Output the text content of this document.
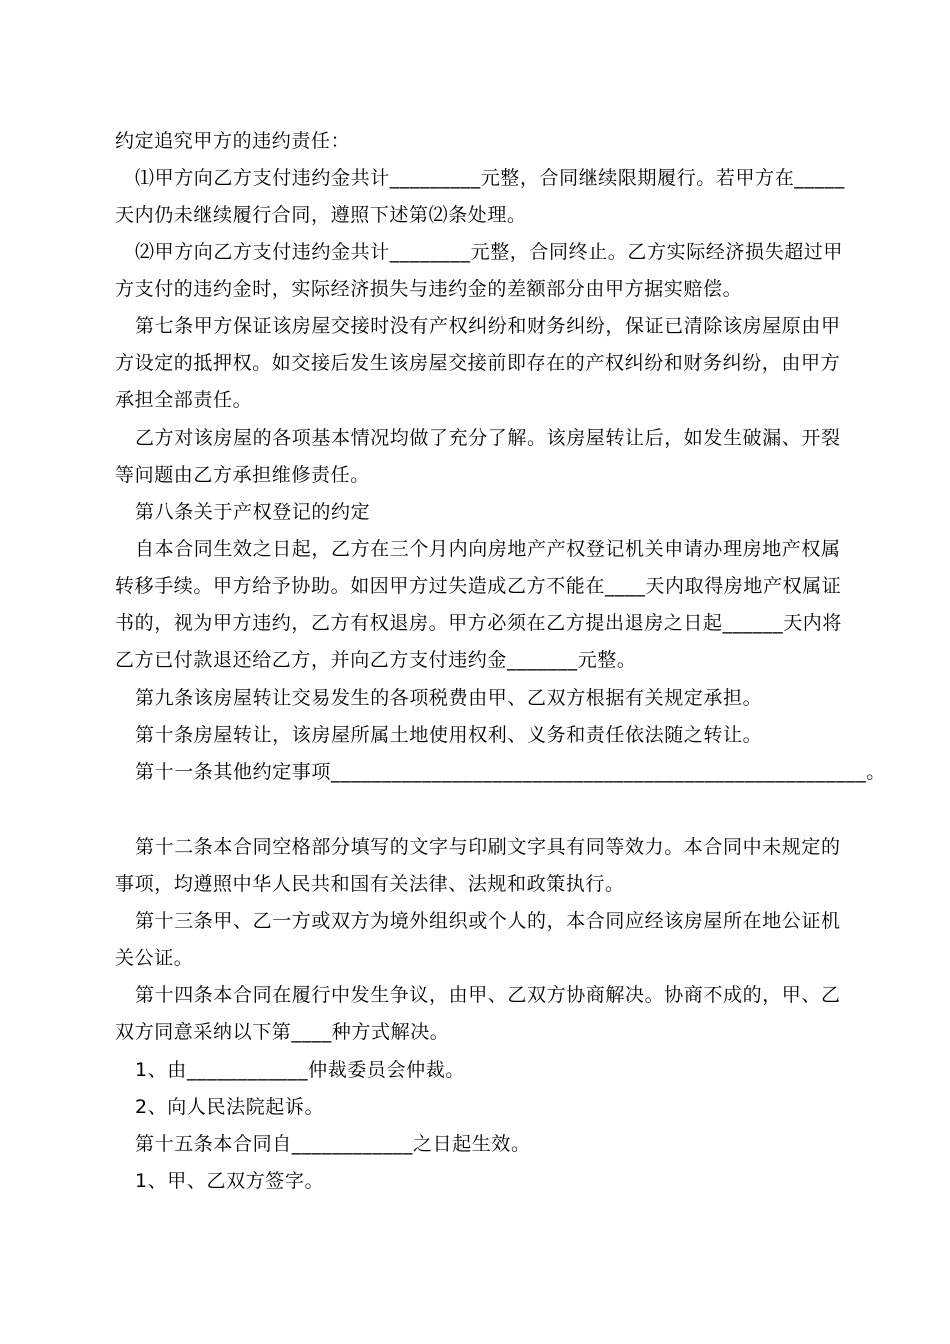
约定追究甲方的违约责任：
⑴甲方向乙方支付违约金共计_________元整，合同继续限期履行。若甲方在_____
天内仍未继续履行合同，遵照下述第⑵条处理。
⑵甲方向乙方支付违约金共计________元整，合同终止。乙方实际经济损失超过甲
方支付的违约金时，实际经济损失与违约金的差额部分由甲方据实赔偿。
第七条甲方保证该房屋交接时没有产权纠纷和财务纠纷，保证已清除该房屋原由甲
方设定的抵押权。如交接后发生该房屋交接前即存在的产权纠纷和财务纠纷，由甲方
承担全部责任。
乙方对该房屋的各项基本情况均做了充分了解。该房屋转让后，如发生破漏、开裂
等问题由乙方承担维修责任。
第八条关于产权登记的约定
自本合同生效之日起，乙方在三个月内向房地产产权登记机关申请办理房地产权属
转移手续。甲方给予协助。如因甲方过失造成乙方不能在____天内取得房地产权属证
书的，视为甲方违约，乙方有权退房。甲方必须在乙方提出退房之日起______天内将
乙方已付款退还给乙方，并向乙方支付违约金_______元整。
第九条该房屋转让交易发生的各项税费由甲、乙双方根据有关规定承担。
第十条房屋转让，该房屋所属土地使用权利、义务和责任依法随之转让。
第十一条其他约定事项_____________________________________________________。
第十二条本合同空格部分填写的文字与印刷文字具有同等效力。本合同中未规定的
事项，均遵照中华人民共和国有关法律、法规和政策执行。
第十三条甲、乙一方或双方为境外组织或个人的，本合同应经该房屋所在地公证机
关公证。
第十四条本合同在履行中发生争议，由甲、乙双方协商解决。协商不成的，甲、乙
双方同意采纳以下第____种方式解决。
1、由____________仲裁委员会仲裁。
2、向人民法院起诉。
第十五条本合同自____________之日起生效。
1、甲、乙双方签字。
